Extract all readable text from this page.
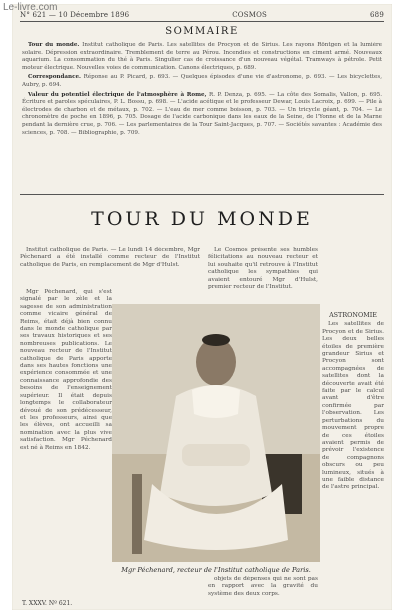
Le-livre.com
N° 621 — 10 Décembre 1896	COSMOS	689
SOMMAIRE

Tour du monde. Institut catholique de Paris. Les satellites de Procyon et de Sirius. Les rayons Röntgen et la lumière solaire. Dépression extraordinaire. Tremblement de terre au Pérou. Incendies et constructions en ciment armé. Nouveaux aquarium. La consommation du thé à Paris. Singulier cas de croissance d'un nouveau végétal. Tramways à pétrole. Petit moteur électrique. Nouvelles voies de communication. Canons électriques, p. 689.

Correspondance. Réponse au P. Picard, p. 693. — Quelques épisodes d'une vie d'astronome, p. 693. — Les bicyclettes, Aubry, p. 694.

Valeur du potentiel électrique de l'atmosphère à Rome, R. P. Denza, p. 695. — La côte des Somalis, Vallon, p. 695. Écriture et paroles spéculaires, P. L. Bossu, p. 698. — L'acide acétique et le professeur Dewar, Louis Lacroix, p. 699. — Pile à électrodes de charbon et de métaux, p. 702. — L'eau de mer comme boisson, p. 703. — Un tricycle géant, p. 704. — Le chronomètre de poche en 1896, p. 705. Dosage de l'acide carbonique dans les eaux de la Seine, de l'Yonne et de la Marne pendant la dernière crue, p. 706. — Les parlementaires de la Tour Saint-Jacques, p. 707. — Sociétés savantes : Académie des sciences, p. 708. — Bibliographie, p. 709.

TOUR DU MONDE

Institut catholique de Paris. — Le lundi 14 décembre, Mgr Péchenard a été installé comme recteur de l'Institut catholique de Paris, en remplacement de Mgr d'Hulst.

Mgr Péchenard, qui s'est signalé par le zèle et la sagesse de son administration comme vicaire général de Reims, était déjà bien connu dans le monde catholique par ses travaux historiques et ses nombreuses publications. Le nouveau recteur de l'Institut catholique de Paris apporte dans ses hautes fonctions une expérience consommée et une connaissance approfondie des besoins de l'enseignement supérieur. Il était depuis longtemps le collaborateur dévoué de son prédécesseur, et les professeurs, ainsi que les élèves, ont accueilli sa nomination avec la plus vive satisfaction. Mgr Péchenard est né à Reims en 1842.

Le Cosmos présente ses humbles félicitations au nouveau recteur et lui souhaite qu'il retrouve à l'Institut catholique les sympathies qui avaient entouré Mgr d'Hulst, premier recteur de l'Institut.

ASTRONOMIE

Les satellites de Procyon et de Sirius. Les deux belles étoiles de première grandeur Sirius et Procyon sont accompagnées de satellites dont la découverte avait été faite par le calcul avant d'être confirmée par l'observation. Les perturbations du mouvement propre de ces étoiles avaient permis de prévoir l'existence de compagnons obscurs ou peu lumineux, situés à une faible distance de l'astre principal.

Mgr Péchenard, recteur de l'Institut catholique de Paris.

objets de dépenses qui ne sont pas en rapport avec la gravité du système des deux corps.

T. XXXV. Nº 621.
